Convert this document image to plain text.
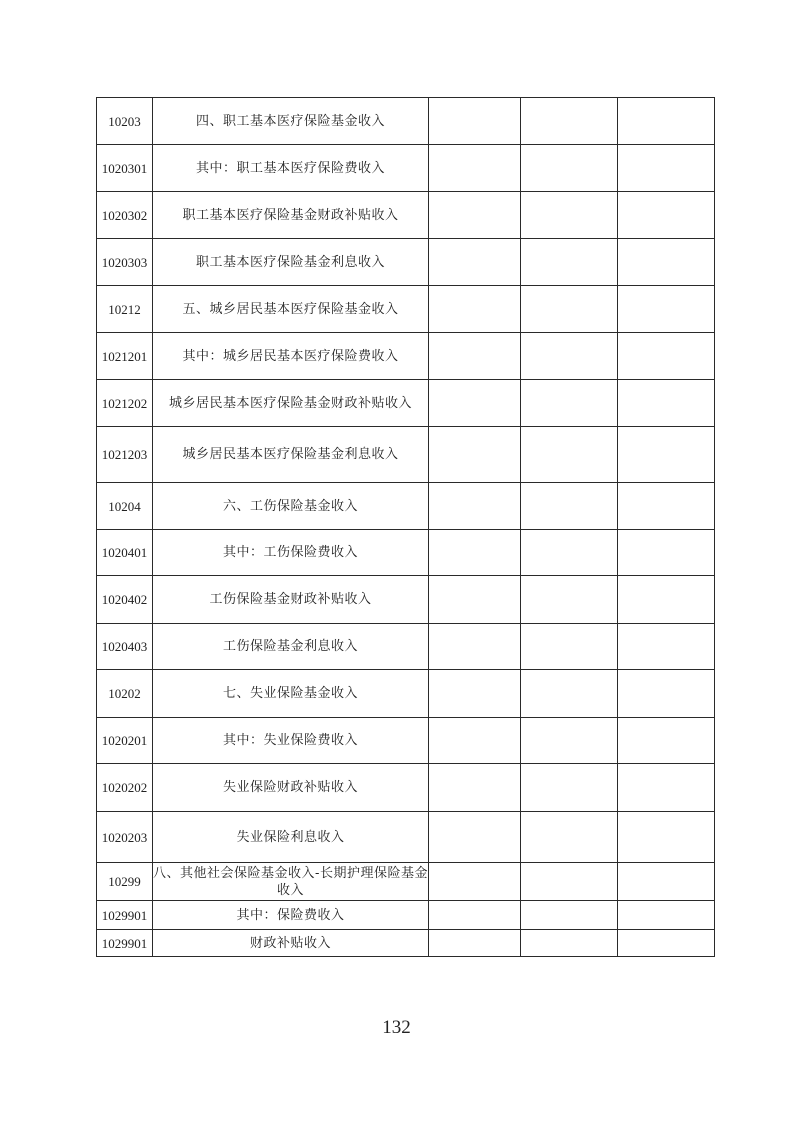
10203	四、职工基本医疗保险基金收入			
1020301	其中：职工基本医疗保险费收入			
1020302	职工基本医疗保险基金财政补贴收入			
1020303	职工基本医疗保险基金利息收入			
10212	五、城乡居民基本医疗保险基金收入			
1021201	其中：城乡居民基本医疗保险费收入			
1021202	城乡居民基本医疗保险基金财政补贴收入			
1021203	城乡居民基本医疗保险基金利息收入			
10204	六、工伤保险基金收入			
1020401	其中：工伤保险费收入			
1020402	工伤保险基金财政补贴收入			
1020403	工伤保险基金利息收入			
10202	七、失业保险基金收入			
1020201	其中：失业保险费收入			
1020202	失业保险财政补贴收入			
1020203	失业保险利息收入			
10299	八、其他社会保险基金收入-长期护理保险基金收入			
1029901	其中：保险费收入			
1029901	财政补贴收入			
132
